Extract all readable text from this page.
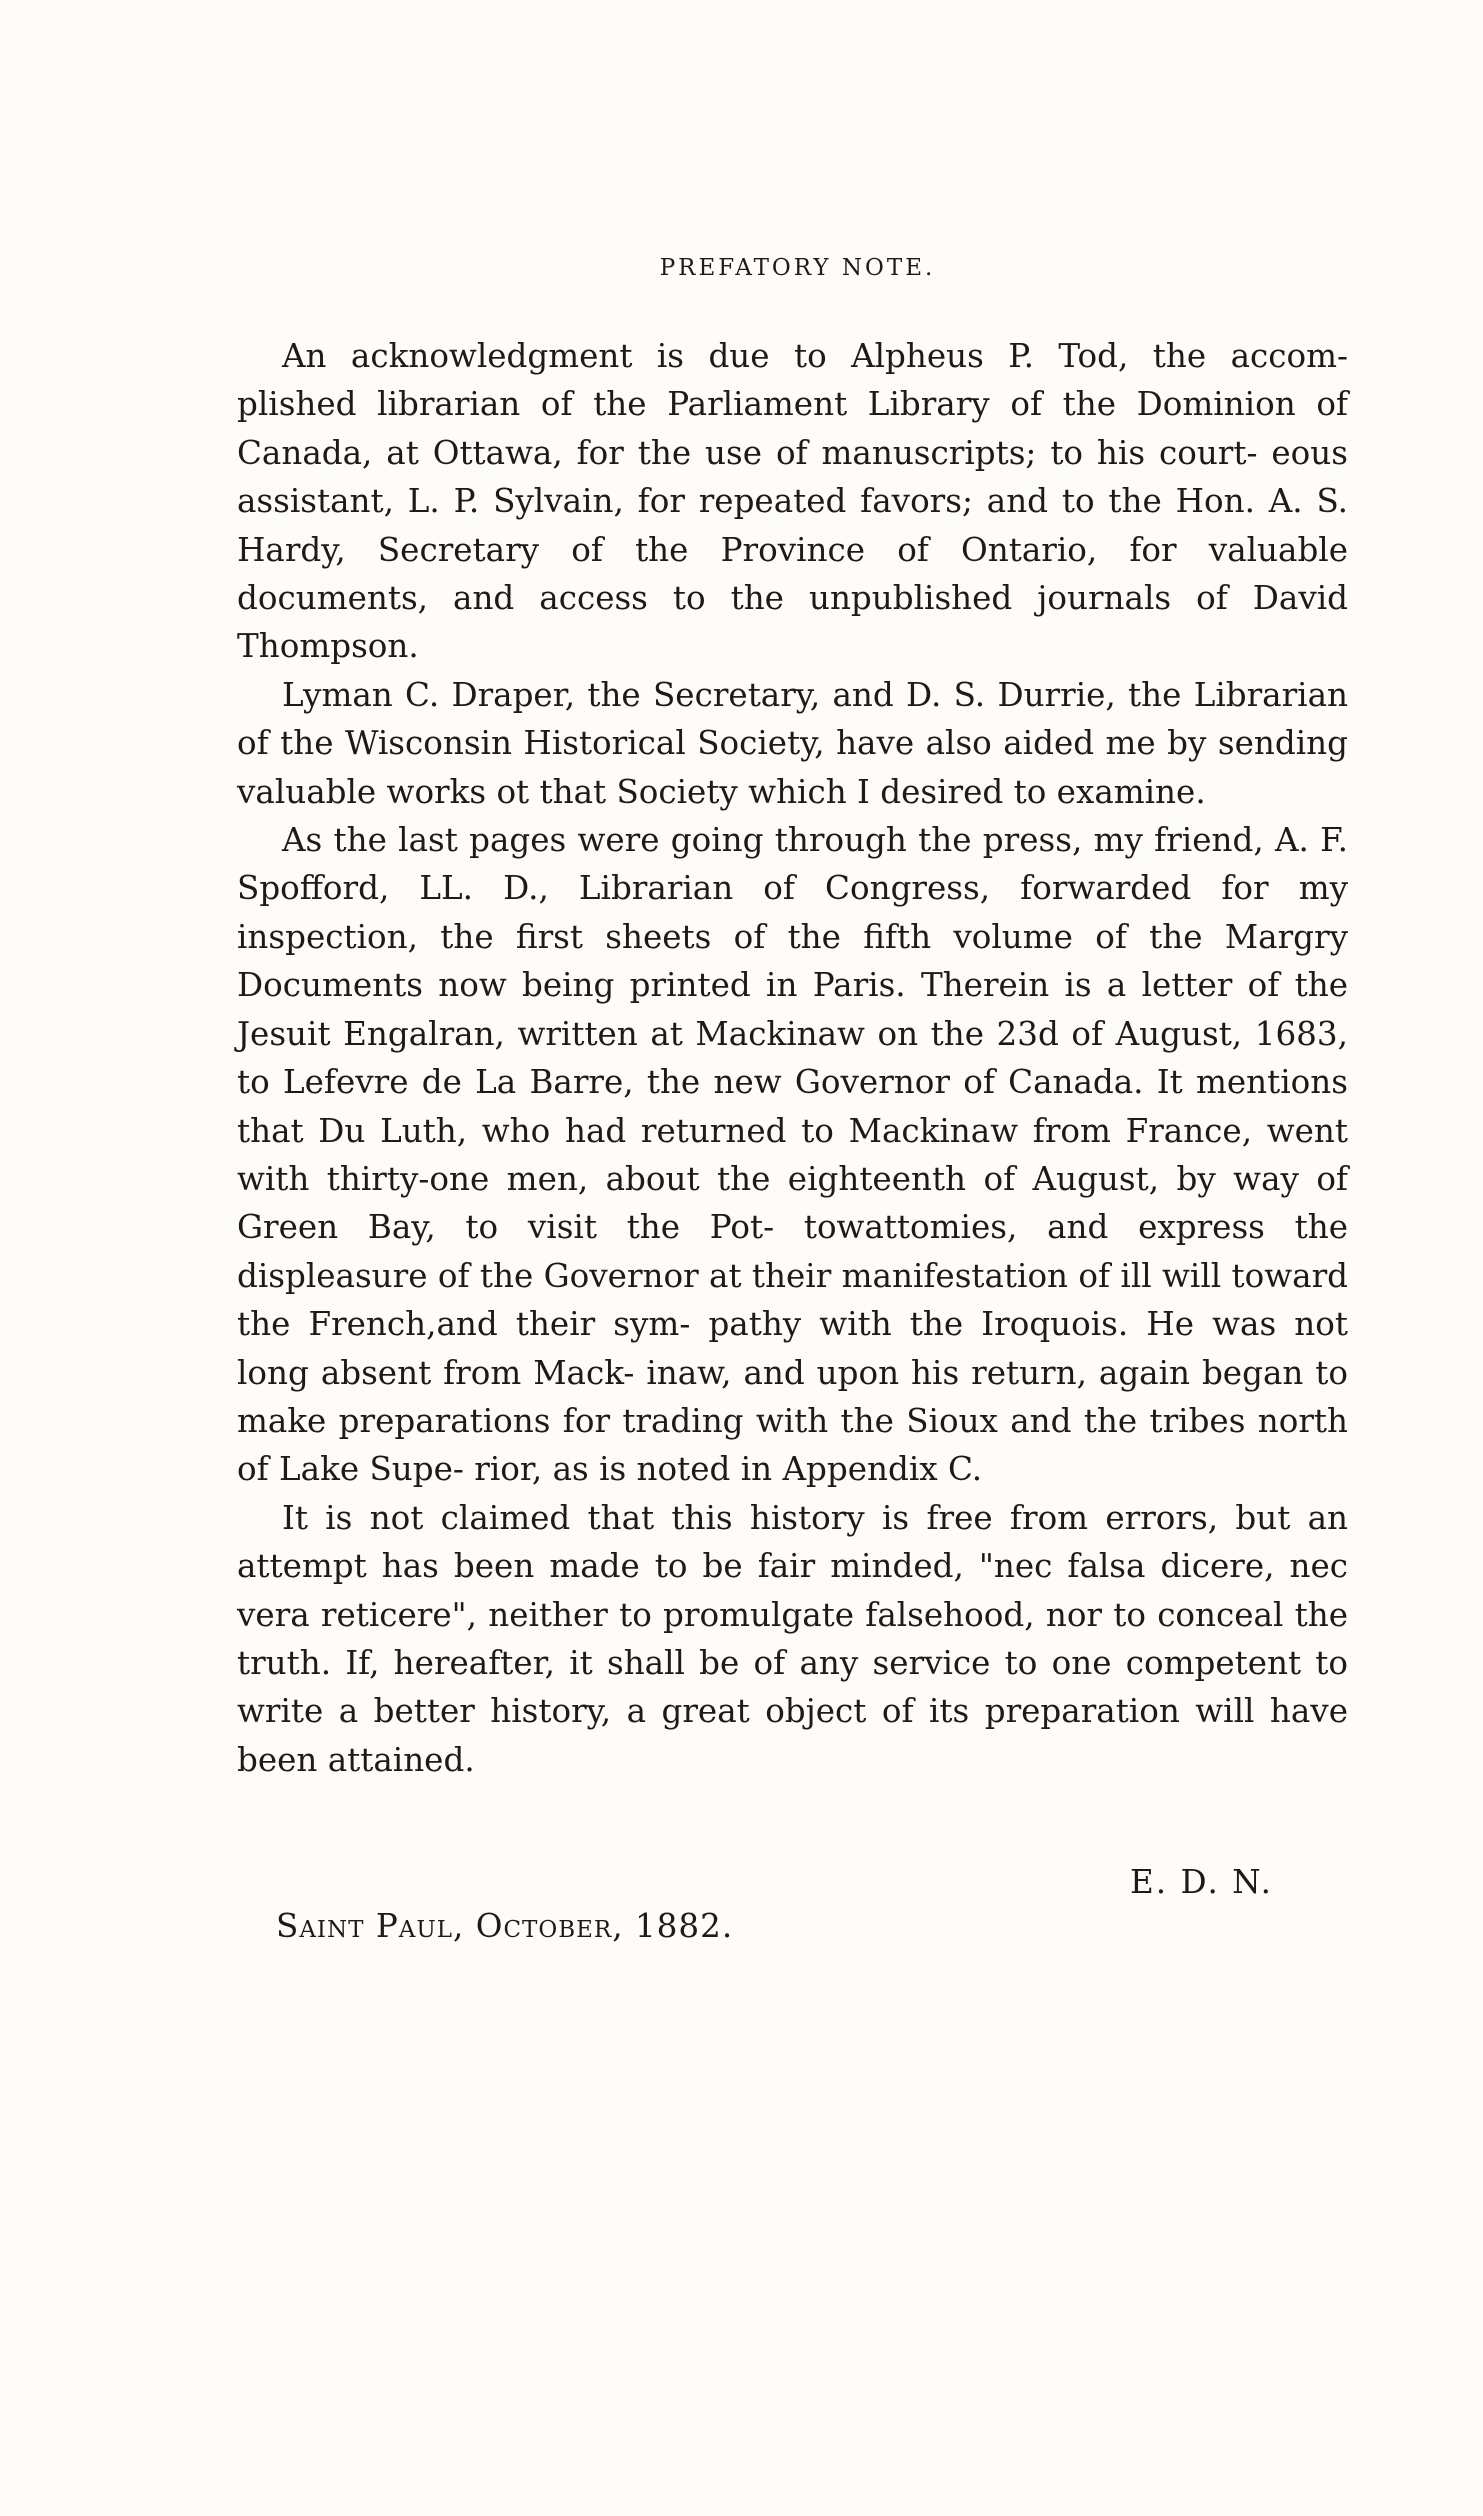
PREFATORY NOTE.

An acknowledgment is due to Alpheus P. Tod, the accom- plished librarian of the Parliament Library of the Dominion of Canada, at Ottawa, for the use of manuscripts; to his court- eous assistant, L. P. Sylvain, for repeated favors; and to the Hon. A. S. Hardy, Secretary of the Province of Ontario, for valuable documents, and access to the unpublished journals of David Thompson.

Lyman C. Draper, the Secretary, and D. S. Durrie, the Librarian of the Wisconsin Historical Society, have also aided me by sending valuable works ot that Society which I desired to examine.

As the last pages were going through the press, my friend, A. F. Spofford, LL. D., Librarian of Congress, forwarded for my inspection, the first sheets of the fifth volume of the Margry Documents now being printed in Paris. Therein is a letter of the Jesuit Engalran, written at Mackinaw on the 23d of August, 1683, to Lefevre de La Barre, the new Governor of Canada. It mentions that Du Luth, who had returned to Mackinaw from France, went with thirty-one men, about the eighteenth of August, by way of Green Bay, to visit the Pot- towattomies, and express the displeasure of the Governor at their manifestation of ill will toward the French,and their sym- pathy with the Iroquois. He was not long absent from Mack- inaw, and upon his return, again began to make preparations for trading with the Sioux and the tribes north of Lake Supe- rior, as is noted in Appendix C.

It is not claimed that this history is free from errors, but an attempt has been made to be fair minded, "nec falsa dicere, nec vera reticere", neither to promulgate falsehood, nor to conceal the truth. If, hereafter, it shall be of any service to one competent to write a better history, a great object of its preparation will have been attained.

E. D. N.
Saint Paul, October, 1882.
